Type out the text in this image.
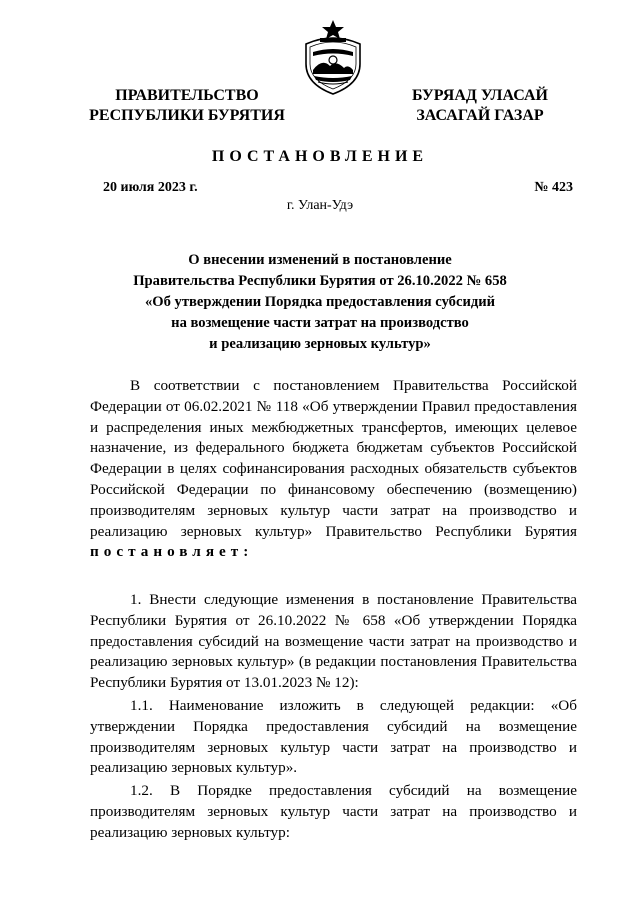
ПРАВИТЕЛЬСТВО
РЕСПУБЛИКИ БУРЯТИЯ
БУРЯАД УЛАСАЙ
ЗАСАГАЙ ГАЗАР
ПОСТАНОВЛЕНИЕ
20 июля 2023 г.	№ 423
г. Улан-Удэ
О внесении изменений в постановление
Правительства Республики Бурятия от 26.10.2022 № 658
«Об утверждении Порядка предоставления субсидий
на возмещение части затрат на производство
и реализацию зерновых культур»

В соответствии с постановлением Правительства Российской Федерации от 06.02.2021 № 118 «Об утверждении Правил предоставления и распределения иных межбюджетных трансфертов, имеющих целевое назначение, из федерального бюджета бюджетам субъектов Российской Федерации в целях софинансирования расходных обязательств субъектов Российской Федерации по финансовому обеспечению (возмещению) производителям зерновых культур части затрат на производство и реализацию зерновых культур» Правительство Республики Бурятия постановляет:

1. Внести следующие изменения в постановление Правительства Республики Бурятия от 26.10.2022 № 658 «Об утверждении Порядка предоставления субсидий на возмещение части затрат на производство и реализацию зерновых культур» (в редакции постановления Правительства Республики Бурятия от 13.01.2023 № 12):

1.1. Наименование изложить в следующей редакции: «Об утверждении Порядка предоставления субсидий на возмещение производителям зерновых культур части затрат на производство и реализацию зерновых культур».

1.2. В Порядке предоставления субсидий на возмещение производителям зерновых культур части затрат на производство и реализацию зерновых культур:
